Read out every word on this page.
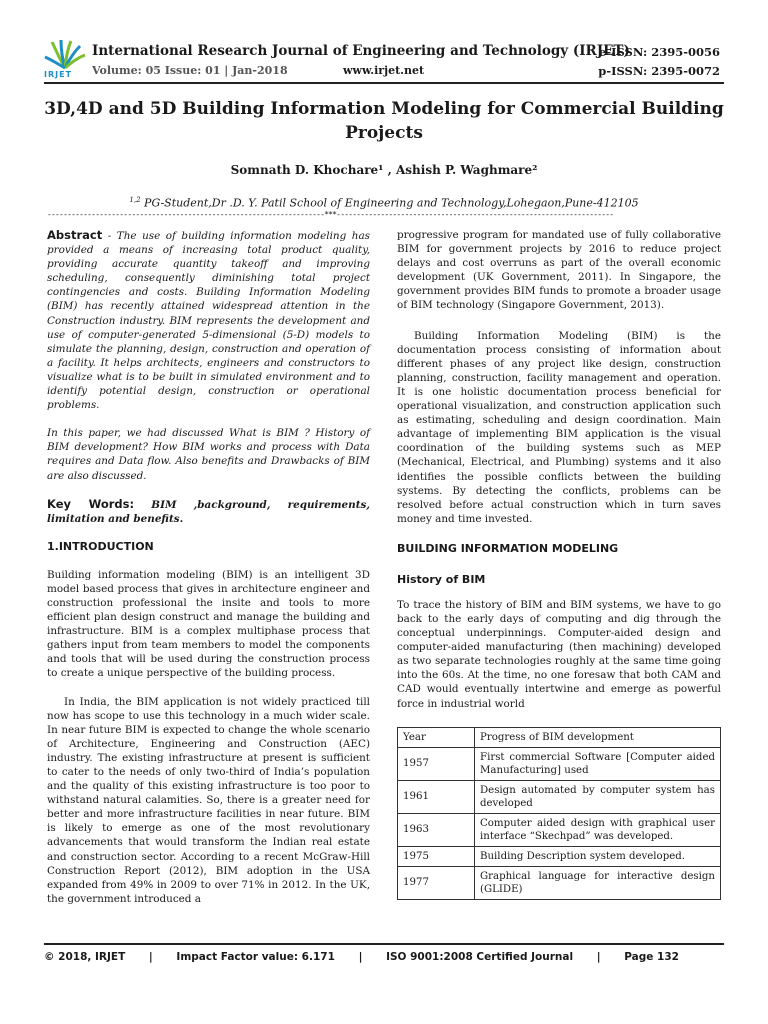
IRJET
International Research Journal of Engineering and Technology (IRJET)
Volume: 05 Issue: 01 | Jan-2018	www.irjet.net
e-ISSN: 2395-0056
p-ISSN: 2395-0072
3D,4D and 5D Building Information Modeling for Commercial Building Projects
Somnath D. Khochare¹ , Ashish P. Waghmare²
$^{1,2}$ PG-Student,Dr .D. Y. Patil School of Engineering and Technology,Lohegaon,Pune-412105
---------------------------------------------------------------------***---------------------------------------------------------------------

Abstract - The use of building information modeling has provided a means of increasing total product quality, providing accurate quantity takeoff and improving scheduling, consequently diminishing total project contingencies and costs. Building Information Modeling (BIM) has recently attained widespread attention in the Construction industry. BIM represents the development and use of computer-generated 5-dimensional (5-D) models to simulate the planning, design, construction and operation of a facility. It helps architects, engineers and constructors to visualize what is to be built in simulated environment and to identify potential design, construction or operational problems.

In this paper, we had discussed What is BIM ? History of BIM development? How BIM works and process with Data requires and Data flow. Also benefits and Drawbacks of BIM are also discussed.

Key Words: BIM ,background, requirements, limitation and benefits.

1.INTRODUCTION

Building information modeling (BIM) is an intelligent 3D model based process that gives in architecture engineer and construction professional the insite and tools to more efficient plan design construct and manage the building and infrastructure. BIM is a complex multiphase process that gathers input from team members to model the components and tools that will be used during the construction process to create a unique perspective of the building process.

In India, the BIM application is not widely practiced till now has scope to use this technology in a much wider scale. In near future BIM is expected to change the whole scenario of Architecture, Engineering and Construction (AEC) industry. The existing infrastructure at present is sufficient to cater to the needs of only two-third of India’s population and the quality of this existing infrastructure is too poor to withstand natural calamities. So, there is a greater need for better and more infrastructure facilities in near future. BIM is likely to emerge as one of the most revolutionary advancements that would transform the Indian real estate and construction sector. According to a recent McGraw-Hill Construction Report (2012), BIM adoption in the USA expanded from 49% in 2009 to over 71% in 2012. In the UK, the government introduced a

progressive program for mandated use of fully collaborative BIM for government projects by 2016 to reduce project delays and cost overruns as part of the overall economic development (UK Government, 2011). In Singapore, the government provides BIM funds to promote a broader usage of BIM technology (Singapore Government, 2013).

Building Information Modeling (BIM) is the documentation process consisting of information about different phases of any project like design, construction planning, construction, facility management and operation. It is one holistic documentation process beneficial for operational visualization, and construction application such as estimating, scheduling and design coordination. Main advantage of implementing BIM application is the visual coordination of the building systems such as MEP (Mechanical, Electrical, and Plumbing) systems and it also identifies the possible conflicts between the building systems. By detecting the conflicts, problems can be resolved before actual construction which in turn saves money and time invested.

BUILDING INFORMATION MODELING
History of BIM

To trace the history of BIM and BIM systems, we have to go back to the early days of computing and dig through the conceptual underpinnings. Computer-aided design and computer-aided manufacturing (then machining) developed as two separate technologies roughly at the same time going into the 60s. At the time, no one foresaw that both CAM and CAD would eventually intertwine and emerge as powerful force in industrial world

Year	Progress of BIM development
1957	First commercial Software [Computer aided Manufacturing] used
1961	Design automated by computer system has developed
1963	Computer aided design with graphical user interface “Skechpad” was developed.
1975	Building Description system developed.
1977	Graphical language for interactive design (GLIDE)
© 2018, IRJET | Impact Factor value: 6.171 | ISO 9001:2008 Certified Journal | Page 132
